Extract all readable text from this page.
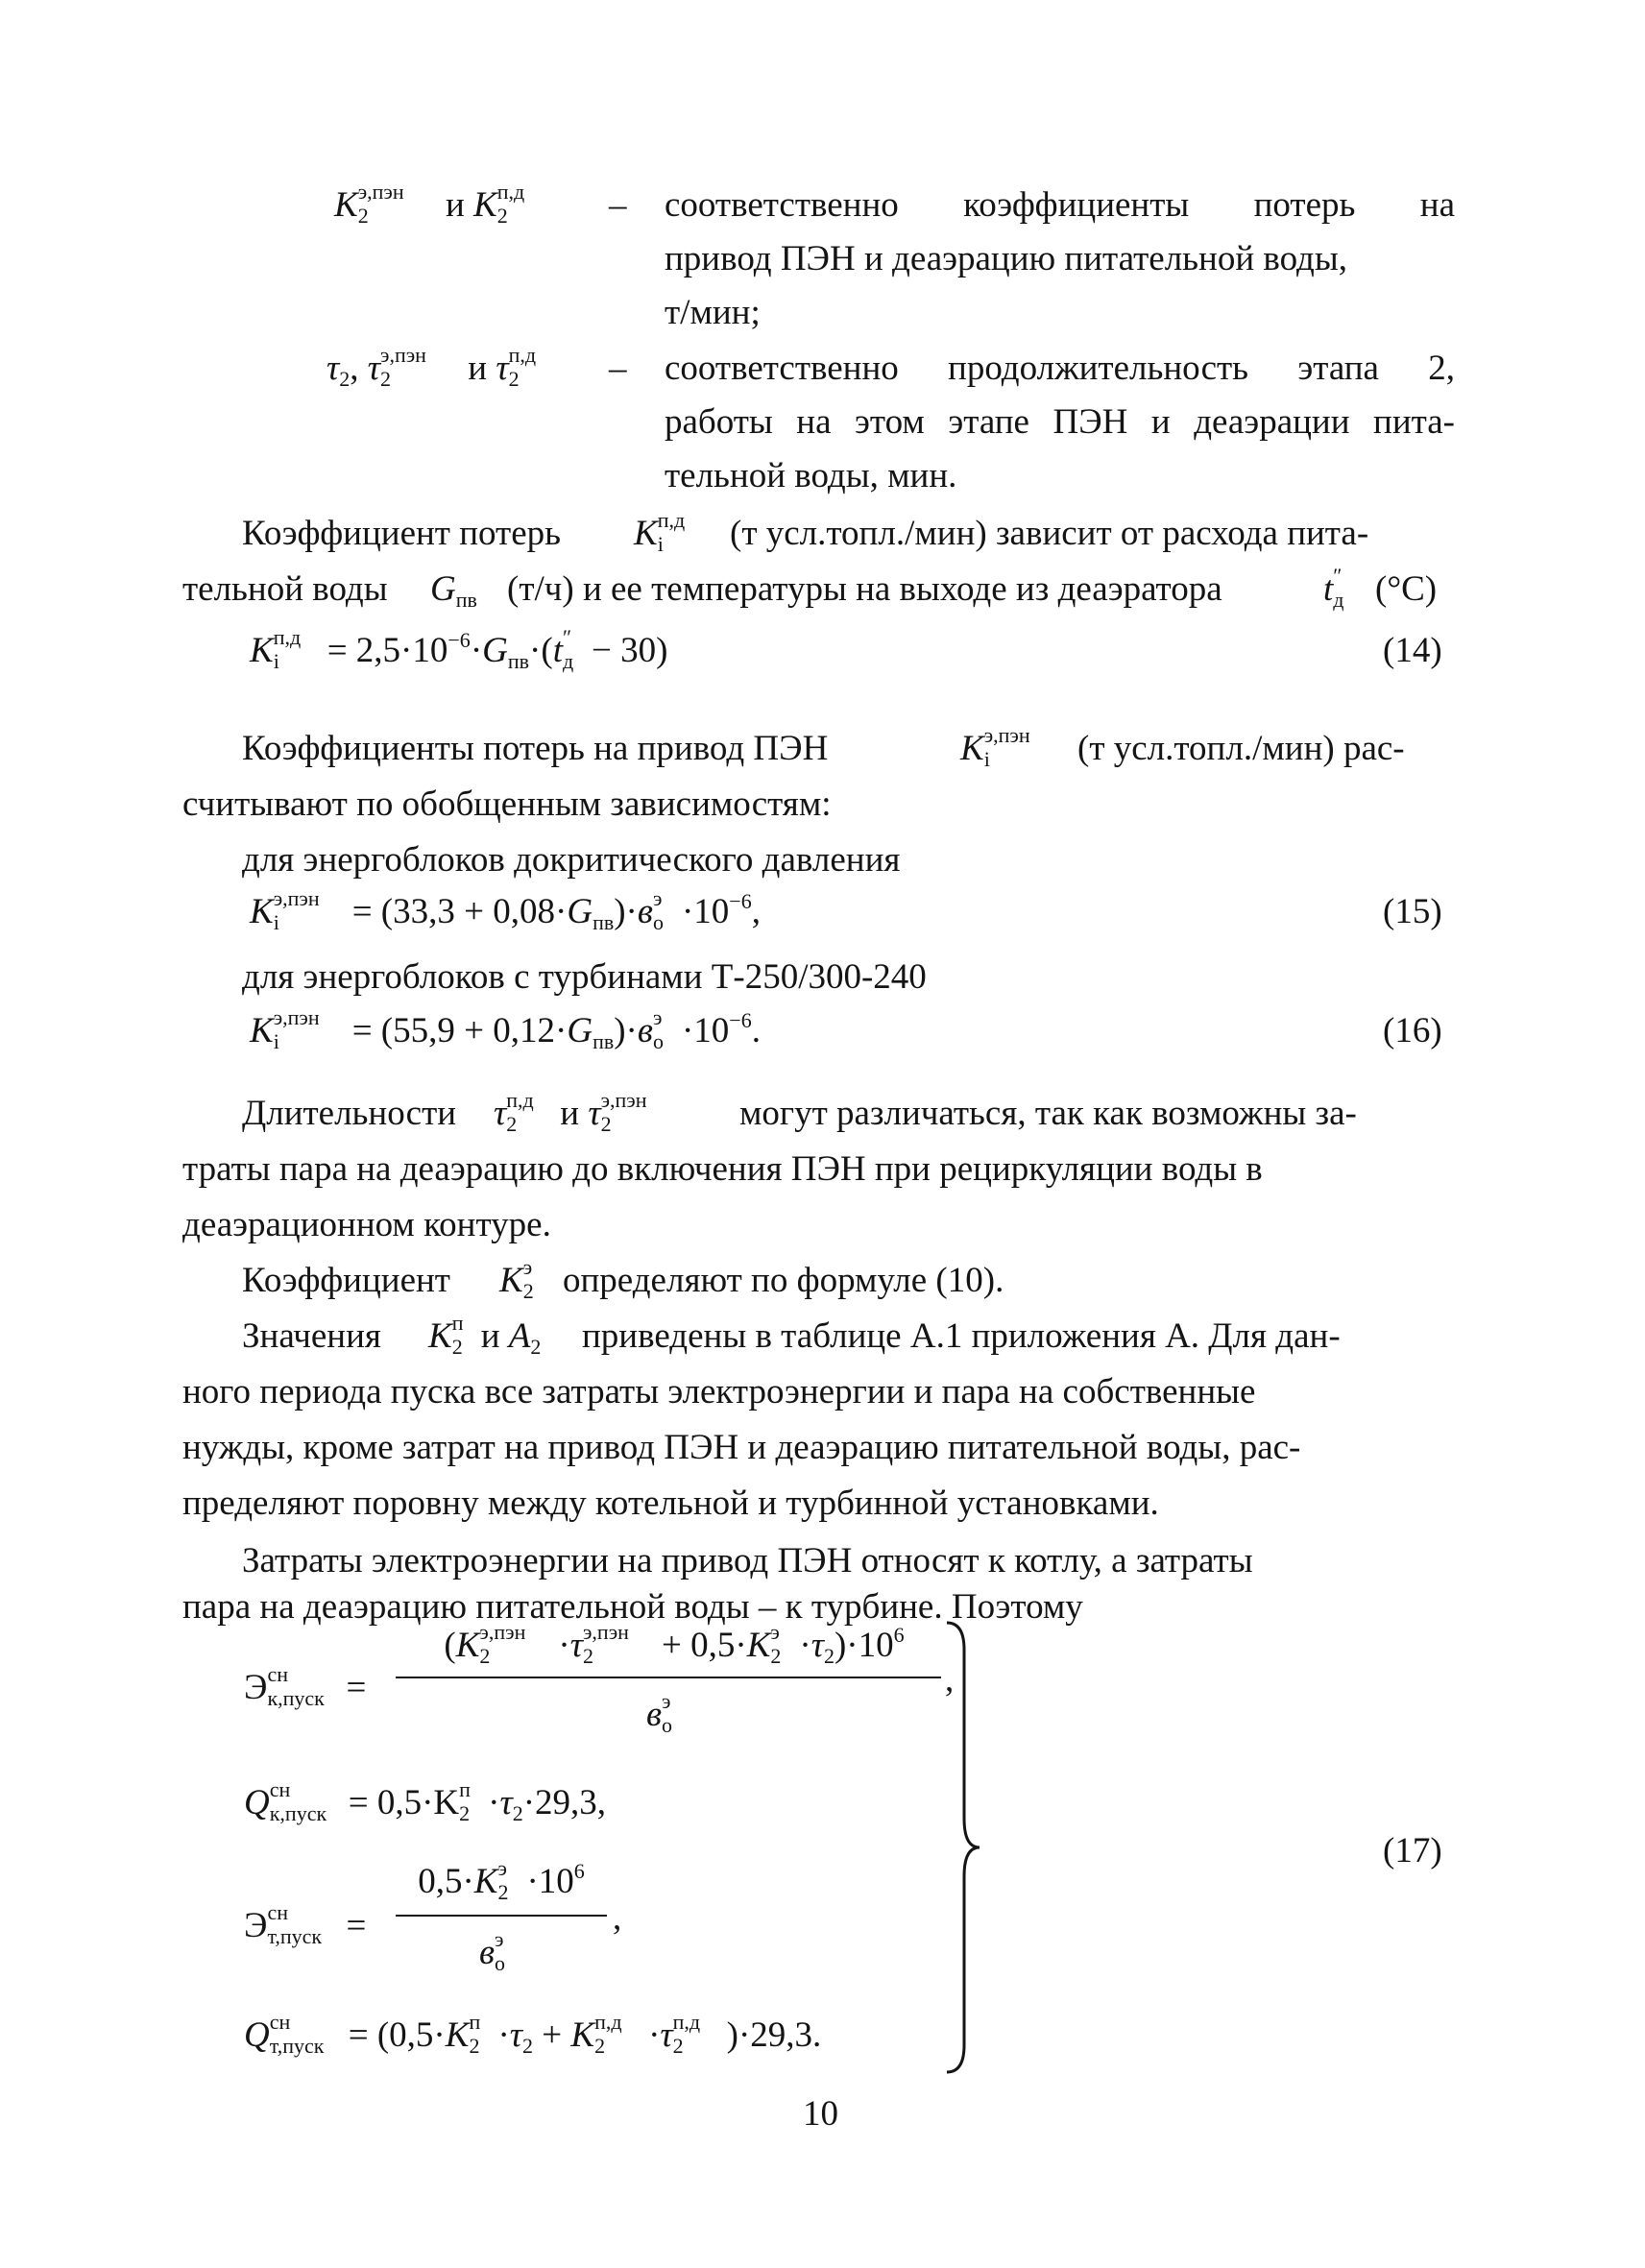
K э,пэн
2 и K п,д
2	– соответственно коэффициенты потерь на
привод ПЭН и деаэрацию питательной воды,
т/мин;
$\tau_2$, τ э,пэн
2 и τ п,д
2	– соответственно продолжительность этапа 2,
работы на этом этапе ПЭН и деаэрации пита-
тельной воды, мин.
Коэффициент потерь K п,д
i (т усл.топл./мин) зависит от расхода пита-
тельной воды $G_{пв}$ (т/ч) и ее температуры на выходе из деаэратора	t ″
д (°С)
K п,д
$i = 2,5\cdot 10^{-6}\cdot G_{пв}\cdot(t$ ″
д − 30)	(14)
Коэффициенты потерь на привод ПЭН	K э,пэн
i (т усл.топл./мин) рас-
считывают по обобщенным зависимостям:
для энергоблоков докритического давления
K э,пэн
$i = (33,3 + 0,08\cdot G_{пв})\cdot в$ э
$о \cdot 10^{-6}$,	(15)
для энергоблоков с турбинами Т-250/300-240
K э,пэн
$i = (55,9 + 0,12\cdot G_{пв})\cdot в$ э
$о \cdot 10^{-6}$.	(16)
Длительности τ п,д
2 и τ э,пэн
2	могут различаться, так как возможны за-
траты пара на деаэрацию до включения ПЭН при рециркуляции воды в
деаэрационном контуре.
Коэффициент K э
2 определяют по формуле (10).
Значения K п
2 и $A_2$ приведены в таблице А.1 приложения А. Для дан-
ного периода пуска все затраты электроэнергии и пара на собственные
нужды, кроме затрат на привод ПЭН и деаэрацию питательной воды, рас-
пределяют поровну между котельной и турбинной установками.
Затраты электроэнергии на привод ПЭН относят к котлу, а затраты
пара на деаэрацию питательной воды – к турбине. Поэтому
Э сн
к,пуск =
(K э,пэн
2 ·τ э,пэн
2 + 0,5·K э
$2 \cdot\tau_2)\cdot 10^6$
в э
о
,
Q сн
к,пуск = 0,5·K п
$2 \cdot\tau_2\cdot 29,3$,
Э сн
т,пуск =
0,5·K э
$2 \cdot 10^6$
в э
о
,
Q сн
т,пуск = (0,5·K п
$2 \cdot\tau_2 + K$ п,д
2 ·τ п,д
2 )·29,3.
(17)
10
